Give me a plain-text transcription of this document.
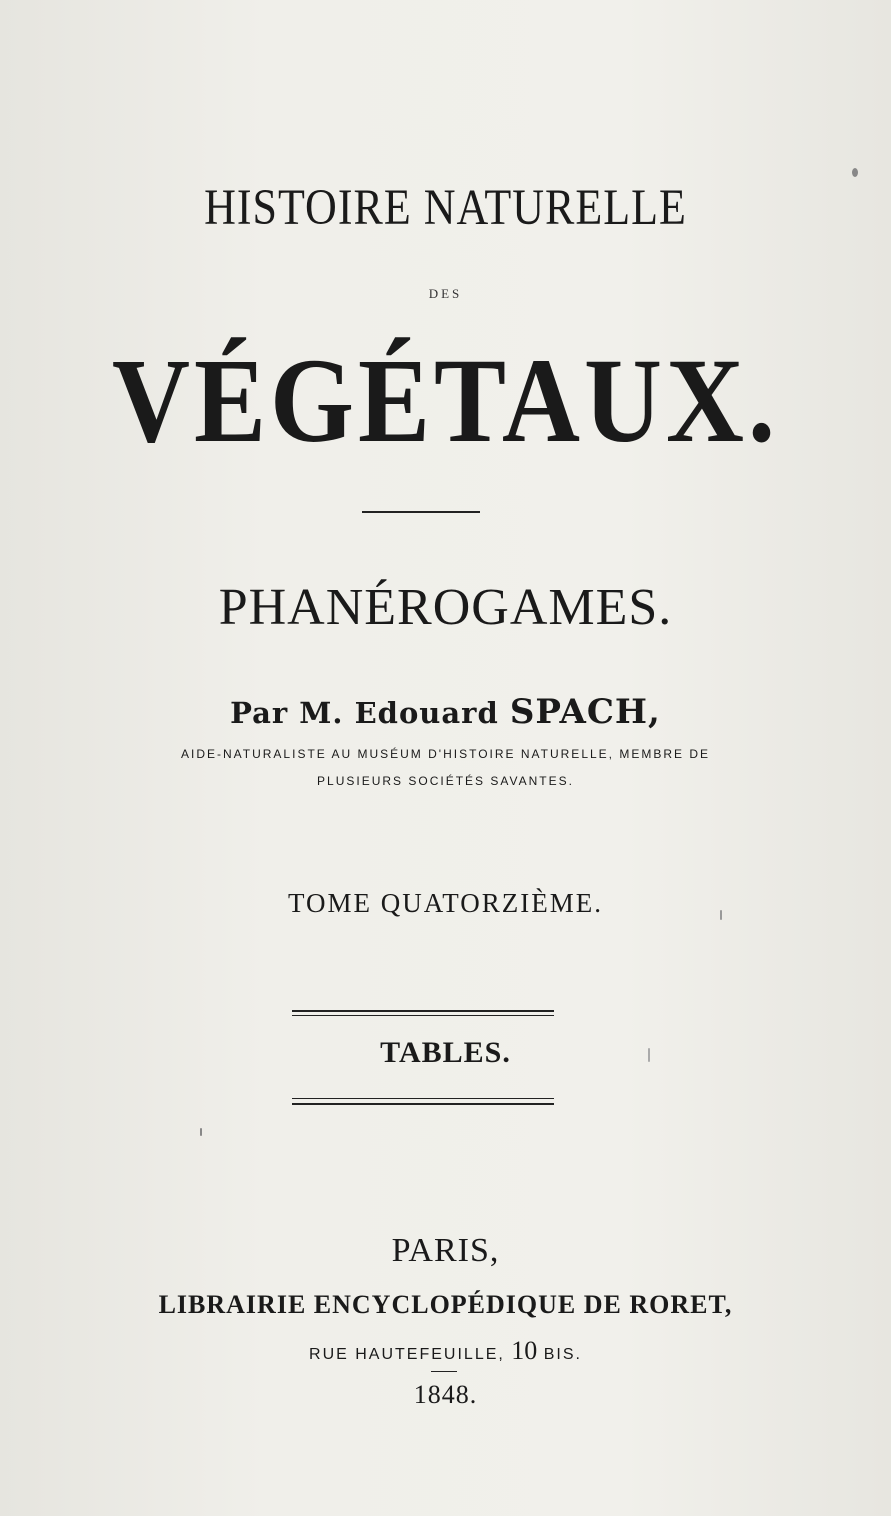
HISTOIRE NATURELLE
DES
VÉGÉTAUX.
PHANÉROGAMES.
Par M. Edouard SPACH,
AIDE-NATURALISTE AU MUSÉUM D'HISTOIRE NATURELLE, MEMBRE DE
PLUSIEURS SOCIÉTÉS SAVANTES.
TOME QUATORZIÈME.
TABLES.
PARIS,
LIBRAIRIE ENCYCLOPÉDIQUE DE RORET,
RUE HAUTEFEUILLE, 10 BIS.
1848.
